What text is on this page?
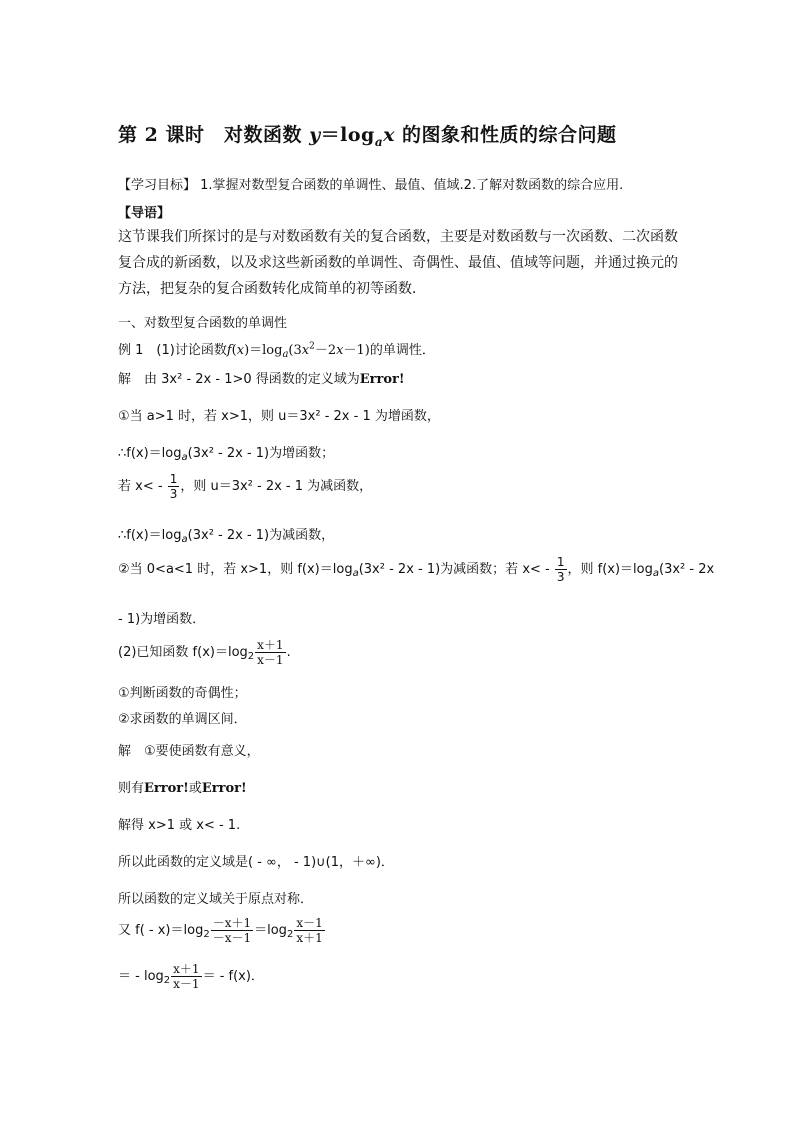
第 2 课时　对数函数 $y=\log_ax$ 的图象和性质的综合问题
【学习目标】 1.掌握对数型复合函数的单调性、最值、值域.2.了解对数函数的综合应用.
【导语】
这节课我们所探讨的是与对数函数有关的复合函数，主要是对数函数与一次函数、二次函数复合成的新函数，以及求这些新函数的单调性、奇偶性、最值、值域等问题，并通过换元的方法，把复杂的复合函数转化成简单的初等函数．
一、对数型复合函数的单调性
例 1　(1)讨论函数$f(x)=\log_a(3x^2-2x-1)$的单调性．
解　由 3x² - 2x - 1>0 得函数的定义域为Error!
①当 a>1 时，若 x>1，则 u＝3x² - 2x - 1 为增函数，
$\therefore f(x)=\log_a(3x^2 - 2x - 1)$为增函数；
若 $x< - \frac{1}{3}$ ，则 u＝3x² - 2x - 1 为减函数，
$\therefore f(x)=\log_a(3x^2 - 2x - 1)$为减函数，
②当 0<a<1 时，若 x>1，则 $f(x)=\log_a(3x^2 - 2x - 1)$为减函数；若 $x< - \frac{1}{3}$ ，则 $f(x)=\log_a(3x^2 - 2x$
- 1)为增函数．
(2)已知函数 $f(x)=\log_2 \frac{x+1}{x-1}$ .
①判断函数的奇偶性；
②求函数的单调区间．
解　①要使函数有意义，
则有Error!或Error!
解得 x>1 或 x< - 1.
所以此函数的定义域是( - ∞， - 1)∪(1，＋∞)．
所以函数的定义域关于原点对称．
又 $f( - x)=\log_2 \frac{-x+1}{-x-1} =\log_2 \frac{x-1}{x+1}$
＝ - $\log_2 \frac{x+1}{x-1}$ ＝ - f(x)．
